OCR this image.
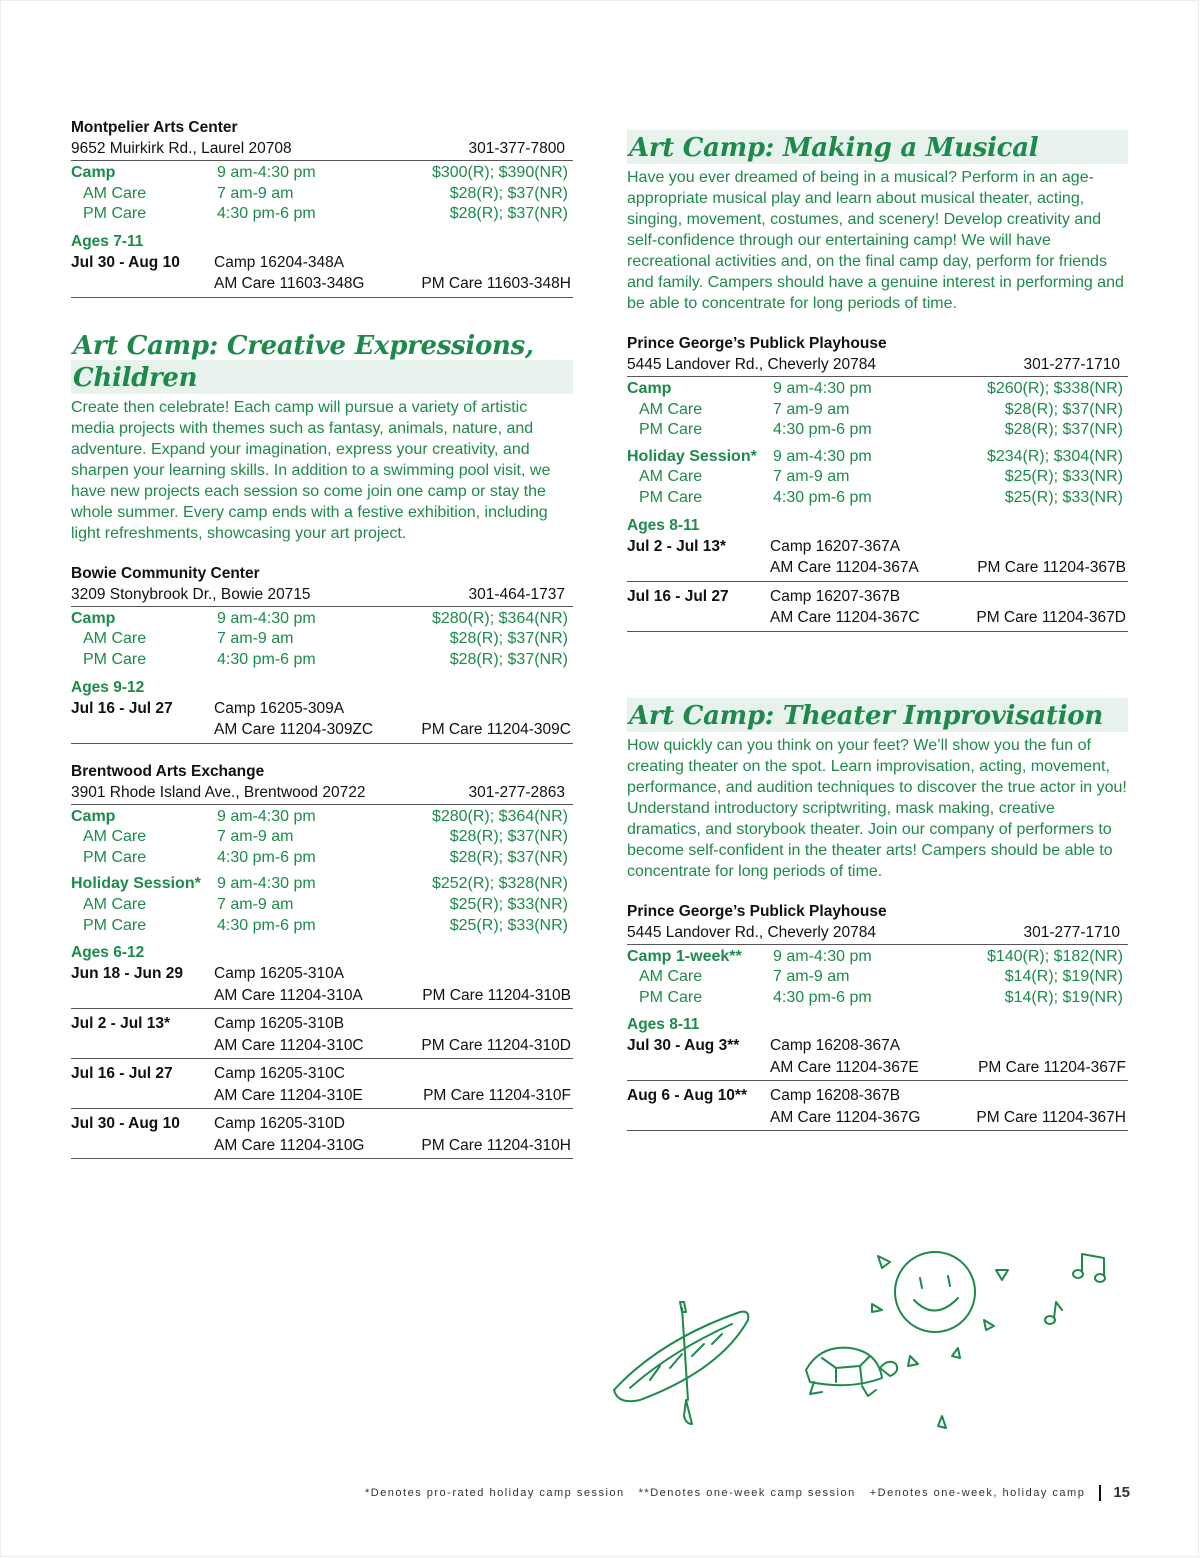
Montpelier Arts Center
9652 Muirkirk Rd., Laurel 20708	301-377-7800
Camp	9 am-4:30 pm	$300(R); $390(NR)
AM Care	7 am-9 am	$28(R); $37(NR)
PM Care	4:30 pm-6 pm	$28(R); $37(NR)
Ages 7-11
Jul 30 - Aug 10	Camp 16204-348A
AM Care 11603-348G	PM Care 11603-348H
Art Camp: Creative Expressions, Children

Create then celebrate! Each camp will pursue a variety of artistic media projects with themes such as fantasy, animals, nature, and adventure. Expand your imagination, express your creativity, and sharpen your learning skills. In addition to a swimming pool visit, we have new projects each session so come join one camp or stay the whole summer. Every camp ends with a festive exhibition, including light refreshments, showcasing your art project.

Bowie Community Center
3209 Stonybrook Dr., Bowie 20715	301-464-1737
Camp	9 am-4:30 pm	$280(R); $364(NR)
AM Care	7 am-9 am	$28(R); $37(NR)
PM Care	4:30 pm-6 pm	$28(R); $37(NR)
Ages 9-12
Jul 16 - Jul 27	Camp 16205-309A
AM Care 11204-309ZC	PM Care 11204-309C
Brentwood Arts Exchange
3901 Rhode Island Ave., Brentwood 20722	301-277-2863
Camp	9 am-4:30 pm	$280(R); $364(NR)
AM Care	7 am-9 am	$28(R); $37(NR)
PM Care	4:30 pm-6 pm	$28(R); $37(NR)
Holiday Session*	9 am-4:30 pm	$252(R); $328(NR)
AM Care	7 am-9 am	$25(R); $33(NR)
PM Care	4:30 pm-6 pm	$25(R); $33(NR)
Ages 6-12
Jun 18 - Jun 29	Camp 16205-310A
AM Care 11204-310A	PM Care 11204-310B
Jul 2 - Jul 13*	Camp 16205-310B
AM Care 11204-310C	PM Care 11204-310D
Jul 16 - Jul 27	Camp 16205-310C
AM Care 11204-310E	PM Care 11204-310F
Jul 30 - Aug 10	Camp 16205-310D
AM Care 11204-310G	PM Care 11204-310H
Art Camp: Making a Musical

Have you ever dreamed of being in a musical? Perform in an age-appropriate musical play and learn about musical theater, acting, singing, movement, costumes, and scenery! Develop creativity and self-confidence through our entertaining camp! We will have recreational activities and, on the final camp day, perform for friends and family. Campers should have a genuine interest in performing and be able to concentrate for long periods of time.

Prince George’s Publick Playhouse
5445 Landover Rd., Cheverly 20784	301-277-1710
Camp	9 am-4:30 pm	$260(R); $338(NR)
AM Care	7 am-9 am	$28(R); $37(NR)
PM Care	4:30 pm-6 pm	$28(R); $37(NR)
Holiday Session*	9 am-4:30 pm	$234(R); $304(NR)
AM Care	7 am-9 am	$25(R); $33(NR)
PM Care	4:30 pm-6 pm	$25(R); $33(NR)
Ages 8-11
Jul 2 - Jul 13*	Camp 16207-367A
AM Care 11204-367A	PM Care 11204-367B
Jul 16 - Jul 27	Camp 16207-367B
AM Care 11204-367C	PM Care 11204-367D
Art Camp: Theater Improvisation

How quickly can you think on your feet? We’ll show you the fun of creating theater on the spot. Learn improvisation, acting, movement, performance, and audition techniques to discover the true actor in you! Understand introductory scriptwriting, mask making, creative dramatics, and storybook theater. Join our company of performers to become self-confident in the theater arts! Campers should be able to concentrate for long periods of time.

Prince George’s Publick Playhouse
5445 Landover Rd., Cheverly 20784	301-277-1710
Camp 1-week**	9 am-4:30 pm	$140(R); $182(NR)
AM Care	7 am-9 am	$14(R); $19(NR)
PM Care	4:30 pm-6 pm	$14(R); $19(NR)
Ages 8-11
Jul 30 - Aug 3**	Camp 16208-367A
AM Care 11204-367E	PM Care 11204-367F
Aug 6 - Aug 10**	Camp 16208-367B
AM Care 11204-367G	PM Care 11204-367H
*Denotes pro-rated holiday camp session **Denotes one-week camp session +Denotes one-week, holiday camp 15
